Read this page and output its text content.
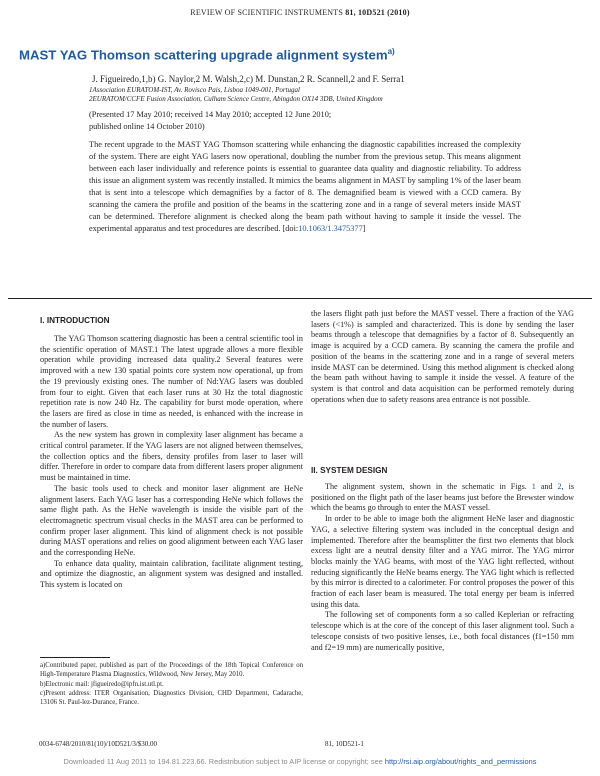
REVIEW OF SCIENTIFIC INSTRUMENTS 81, 10D521 (2010)
MAST YAG Thomson scattering upgrade alignment system$^{a)}$
J. Figueiredo,1,b) G. Naylor,2 M. Walsh,2,c) M. Dunstan,2 R. Scannell,2 and F. Serra1
1Association EURATOM-IST, Av. Rovisco Pais, Lisboa 1049-001, Portugal
2EURATOM/CCFE Fusion Association, Culham Science Centre, Abingdon OX14 3DB, United Kingdom
(Presented 17 May 2010; received 14 May 2010; accepted 12 June 2010;
published online 14 October 2010)
The recent upgrade to the MAST YAG Thomson scattering while enhancing the diagnostic capabilities increased the complexity of the system. There are eight YAG lasers now operational, doubling the number from the previous setup. This means alignment between each laser individually and reference points is essential to guarantee data quality and diagnostic reliability. To address this issue an alignment system was recently installed. It mimics the beams alignment in MAST by sampling 1% of the laser beam that is sent into a telescope which demagnifies by a factor of 8. The demagnified beam is viewed with a CCD camera. By scanning the camera the profile and position of the beams in the scattering zone and in a range of several meters inside MAST can be determined. Therefore alignment is checked along the beam path without having to sample it inside the vessel. The experimental apparatus and test procedures are described. [doi:10.1063/1.3475377]
I. INTRODUCTION

The YAG Thomson scattering diagnostic has been a central scientific tool in the scientific operation of MAST.1 The latest upgrade allows a more flexible operation while providing increased data quality.2 Several features were improved with a new 130 spatial points core system now operational, up from the 19 previously existing ones. The number of Nd:YAG lasers was doubled from four to eight. Given that each laser runs at 30 Hz the total diagnostic repetition rate is now 240 Hz. The capability for burst mode operation, where the lasers are fired as close in time as needed, is enhanced with the increase in the number of lasers.

As the new system has grown in complexity laser alignment has became a critical control parameter. If the YAG lasers are not aligned between themselves, the collection optics and the fibers, density profiles from laser to laser will differ. Therefore in order to compare data from different lasers proper alignment must be maintained in time.

The basic tools used to check and monitor laser alignment are HeNe alignment lasers. Each YAG laser has a corresponding HeNe which follows the same flight path. As the HeNe wavelength is inside the visible part of the electromagnetic spectrum visual checks in the MAST area can be performed to confirm proper laser alignment. This kind of alignment check is not possible during MAST operations and relies on good alignment between each YAG laser and the corresponding HeNe.

To enhance data quality, maintain calibration, facilitate alignment testing, and optimize the diagnostic, an alignment system was designed and installed. This system is located on

a)Contributed paper, published as part of the Proceedings of the 18th Topical Conference on High-Temperature Plasma Diagnostics, Wildwood, New Jersey, May 2010.

b)Electronic mail: jfigueiredo@ipfn.ist.utl.pt.

c)Present address: ITER Organisation, Diagnostics Division, CHD Department, Cadarache, 13106 St. Paul-lez-Durance, France.

the lasers flight path just before the MAST vessel. There a fraction of the YAG lasers (<1%) is sampled and characterized. This is done by sending the laser beams through a telescope that demagnifies by a factor of 8. Subsequently an image is acquired by a CCD camera. By scanning the camera the profile and position of the beams in the scattering zone and in a range of several meters inside MAST can be determined. Using this method alignment is checked along the beam path without having to sample it inside the vessel. A feature of the system is that control and data acquisition can be performed remotely during operations when due to safety reasons area entrance is not possible.

II. SYSTEM DESIGN

The alignment system, shown in the schematic in Figs. 1 and 2, is positioned on the flight path of the laser beams just before the Brewster window which the beams go through to enter the MAST vessel.

In order to be able to image both the alignment HeNe laser and diagnostic YAG, a selective filtering system was included in the conceptual design and implemented. Therefore after the beamsplitter the first two elements that block excess light are a neutral density filter and a YAG mirror. The YAG mirror blocks mainly the YAG beams, with most of the YAG light reflected, without reducing significantly the HeNe beams energy. The YAG light which is reflected by this mirror is directed to a calorimeter. For control proposes the power of this fraction of each laser beam is measured. The total energy per beam is inferred using this data.

The following set of components form a so called Keplerian or refracting telescope which is at the core of the concept of this laser alignment tool. Such a telescope consists of two positive lenses, i.e., both focal distances (f1=150 mm and f2=19 mm) are numerically positive,

0034-6748/2010/81(10)/10D521/3/$30.00	81, 10D521-1
Downloaded 11 Aug 2011 to 194.81.223.66. Redistribution subject to AIP license or copyright; see http://rsi.aip.org/about/rights_and_permissions
